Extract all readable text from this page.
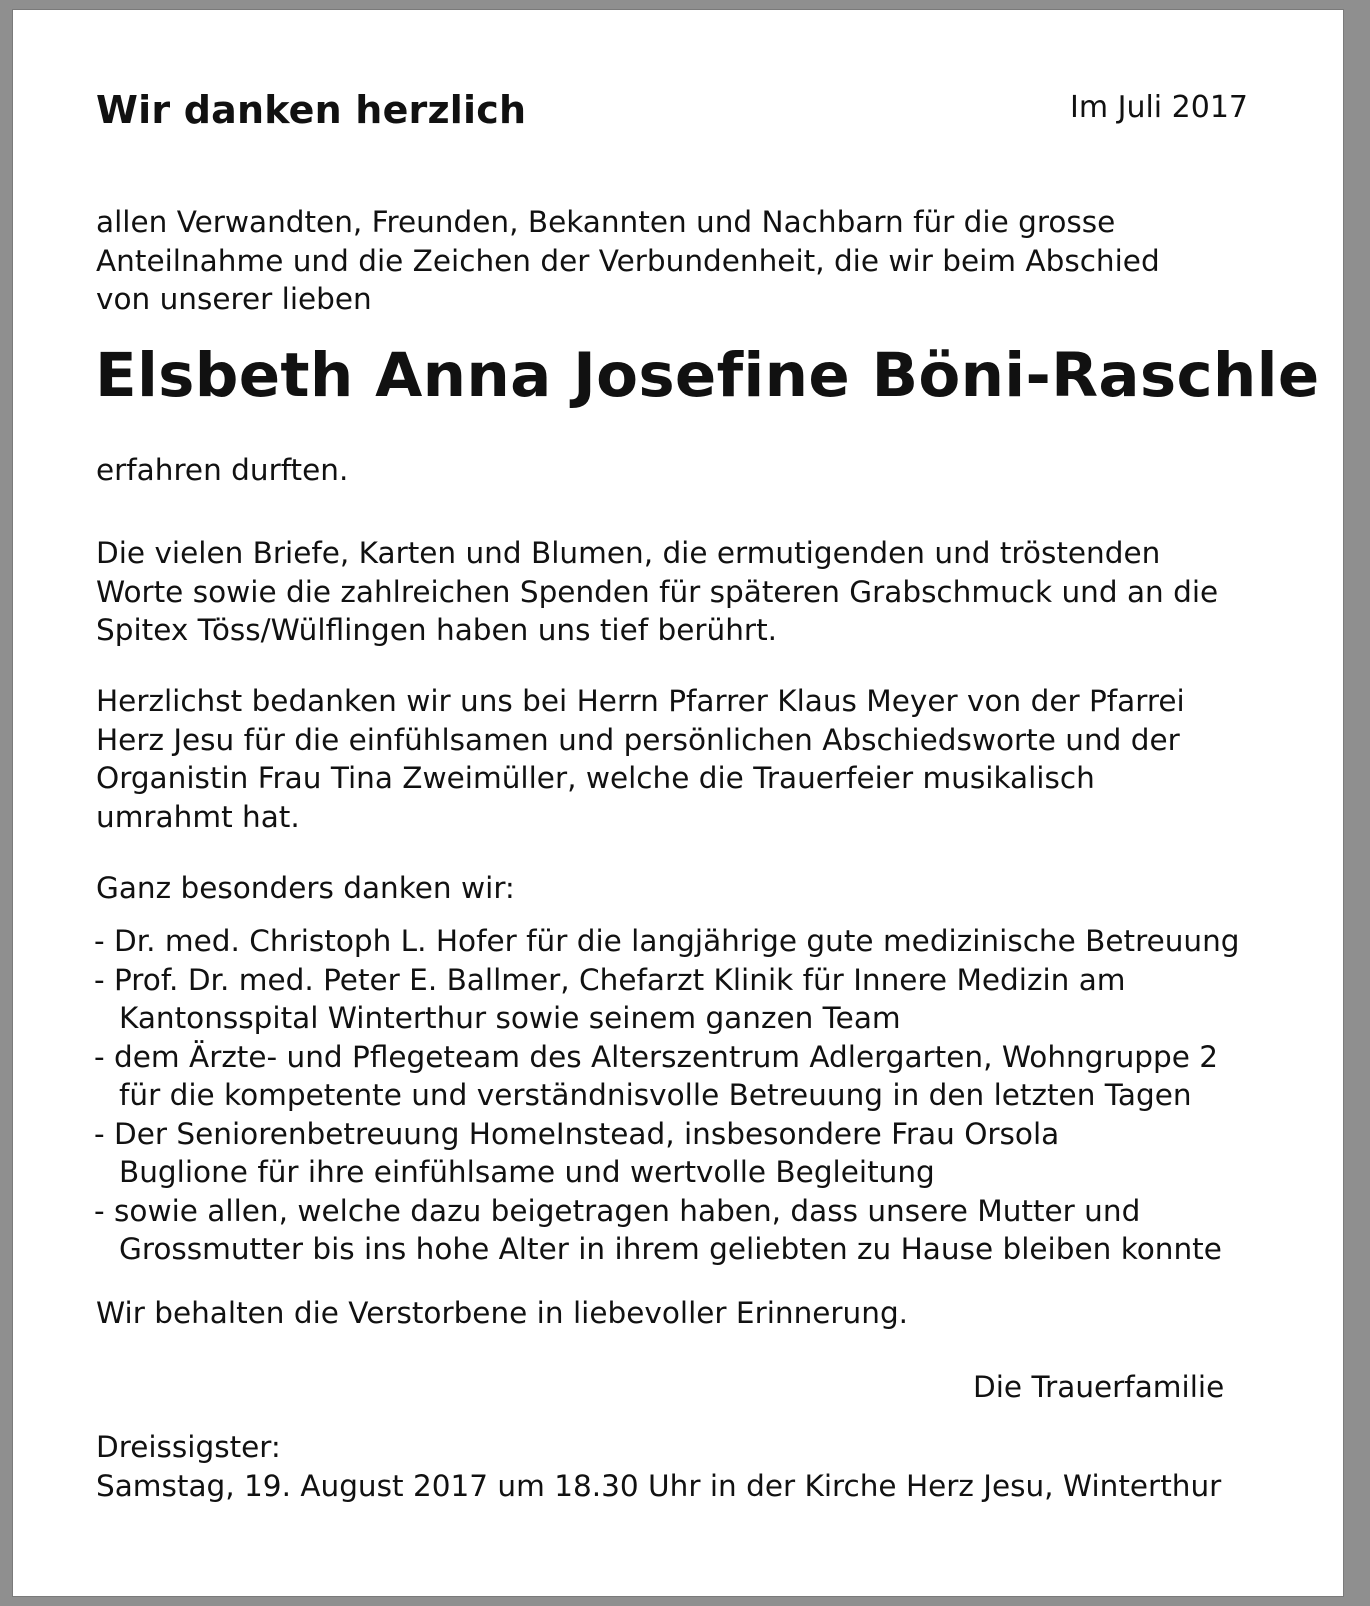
Wir danken herzlich	Im Juli 2017
allen Verwandten, Freunden, Bekannten und Nachbarn für die grosse
Anteilnahme und die Zeichen der Verbundenheit, die wir beim Abschied
von unserer lieben
Elsbeth Anna Josefine Böni-Raschle
erfahren durften.
Die vielen Briefe, Karten und Blumen, die ermutigenden und tröstenden
Worte sowie die zahlreichen Spenden für späteren Grabschmuck und an die
Spitex Töss/Wülflingen haben uns tief berührt.
Herzlichst bedanken wir uns bei Herrn Pfarrer Klaus Meyer von der Pfarrei
Herz Jesu für die einfühlsamen und persönlichen Abschiedsworte und der
Organistin Frau Tina Zweimüller, welche die Trauerfeier musikalisch
umrahmt hat.
Ganz besonders danken wir:
- Dr. med. Christoph L. Hofer für die langjährige gute medizinische Betreuung
- Prof. Dr. med. Peter E. Ballmer, Chefarzt Klinik für Innere Medizin am
Kantonsspital Winterthur sowie seinem ganzen Team
- dem Ärzte- und Pflegeteam des Alterszentrum Adlergarten, Wohngruppe 2
für die kompetente und verständnisvolle Betreuung in den letzten Tagen
- Der Seniorenbetreuung HomeInstead, insbesondere Frau Orsola
Buglione für ihre einfühlsame und wertvolle Begleitung
- sowie allen, welche dazu beigetragen haben, dass unsere Mutter und
Grossmutter bis ins hohe Alter in ihrem geliebten zu Hause bleiben konnte
Wir behalten die Verstorbene in liebevoller Erinnerung.
Die Trauerfamilie
Dreissigster:
Samstag, 19. August 2017 um 18.30 Uhr in der Kirche Herz Jesu, Winterthur
